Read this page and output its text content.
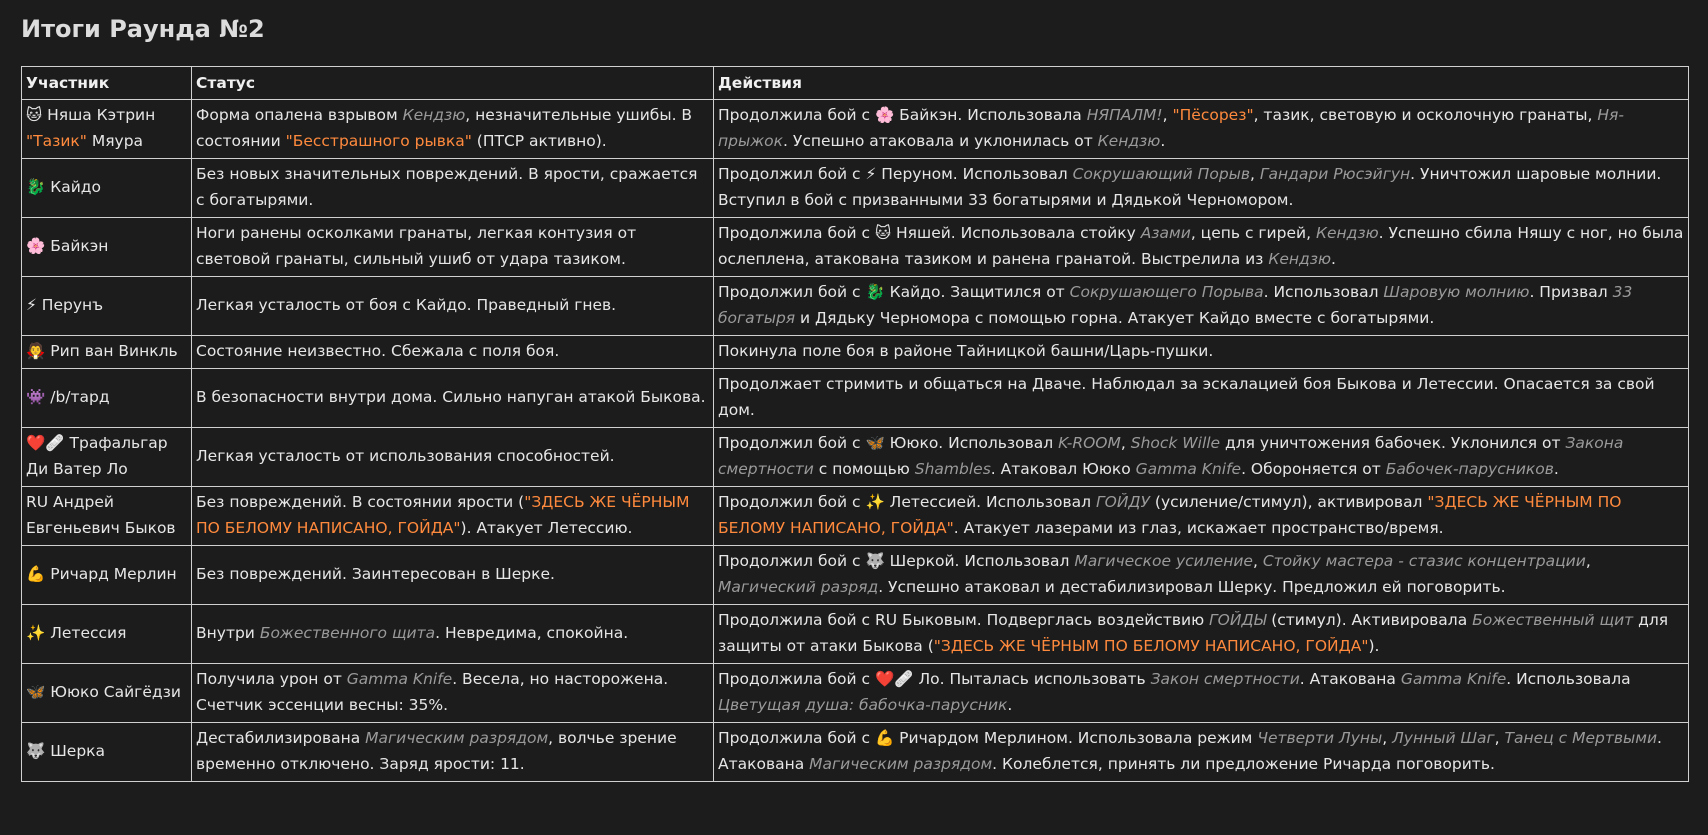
Итоги Раунда №2
Участник	Статус	Действия
🐱 Няша Кэтрин "Тазик" Мяура	Форма опалена взрывом Кендзю, незначительные ушибы. В состоянии "Бесстрашного рывка" (ПТСР активно).	Продолжила бой с 🌸 Байкэн. Использовала НЯПАЛМ!, "Пёсорез", тазик, световую и осколочную гранаты, Ня-прыжок. Успешно атаковала и уклонилась от Кендзю.
🐉 Кайдо	Без новых значительных повреждений. В ярости, сражается с богатырями.	Продолжил бой с ⚡ Перуном. Использовал Сокрушающий Порыв, Гандари Рюсэйгун. Уничтожил шаровые молнии. Вступил в бой с призванными 33 богатырями и Дядькой Черномором.
🌸 Байкэн	Ноги ранены осколками гранаты, легкая контузия от световой гранаты, сильный ушиб от удара тазиком.	Продолжила бой с 🐱 Няшей. Использовала стойку Азами, цепь с гирей, Кендзю. Успешно сбила Няшу с ног, но была ослеплена, атакована тазиком и ранена гранатой. Выстрелила из Кендзю.
⚡ Перунъ	Легкая усталость от боя с Кайдо. Праведный гнев.	Продолжил бой с 🐉 Кайдо. Защитился от Сокрушающего Порыва. Использовал Шаровую молнию. Призвал 33 богатыря и Дядьку Черномора с помощью горна. Атакует Кайдо вместе с богатырями.
🧛 Рип ван Винкль	Состояние неизвестно. Сбежала с поля боя.	Покинула поле боя в районе Тайницкой башни/Царь-пушки.
👾 /b/тард	В безопасности внутри дома. Сильно напуган атакой Быкова.	Продолжает стримить и общаться на Дваче. Наблюдал за эскалацией боя Быкова и Летессии. Опасается за свой дом.
❤️🩹 Трафальгар Ди Ватер Ло	Легкая усталость от использования способностей.	Продолжил бой с 🦋 Ююко. Использовал K-ROOM, Shock Wille для уничтожения бабочек. Уклонился от Закона смертности с помощью Shambles. Атаковал Ююко Gamma Knife. Обороняется от Бабочек-парусников.
RU Андрей Евгеньевич Быков	Без повреждений. В состоянии ярости ("ЗДЕСЬ ЖЕ ЧЁРНЫМ ПО БЕЛОМУ НАПИСАНО, ГОЙДА"). Атакует Летессию.	Продолжил бой с ✨ Летессией. Использовал ГОЙДУ (усиление/стимул), активировал "ЗДЕСЬ ЖЕ ЧЁРНЫМ ПО БЕЛОМУ НАПИСАНО, ГОЙДА". Атакует лазерами из глаз, искажает пространство/время.
💪 Ричард Мерлин	Без повреждений. Заинтересован в Шерке.	Продолжил бой с 🐺 Шеркой. Использовал Магическое усиление, Стойку мастера - стазис концентрации, Магический разряд. Успешно атаковал и дестабилизировал Шерку. Предложил ей поговорить.
✨ Летессия	Внутри Божественного щита. Невредима, спокойна.	Продолжила бой с RU Быковым. Подверглась воздействию ГОЙДЫ (стимул). Активировала Божественный щит для защиты от атаки Быкова ("ЗДЕСЬ ЖЕ ЧЁРНЫМ ПО БЕЛОМУ НАПИСАНО, ГОЙДА").
🦋 Ююко Сайгёдзи	Получила урон от Gamma Knife. Весела, но насторожена. Счетчик эссенции весны: 35%.	Продолжила бой с ❤️🩹 Ло. Пыталась использовать Закон смертности. Атакована Gamma Knife. Использовала Цветущая душа: бабочка-парусник.
🐺 Шерка	Дестабилизирована Магическим разрядом, волчье зрение временно отключено. Заряд ярости: 11.	Продолжила бой с 💪 Ричардом Мерлином. Использовала режим Четверти Луны, Лунный Шаг, Танец с Мертвыми. Атакована Магическим разрядом. Колеблется, принять ли предложение Ричарда поговорить.
